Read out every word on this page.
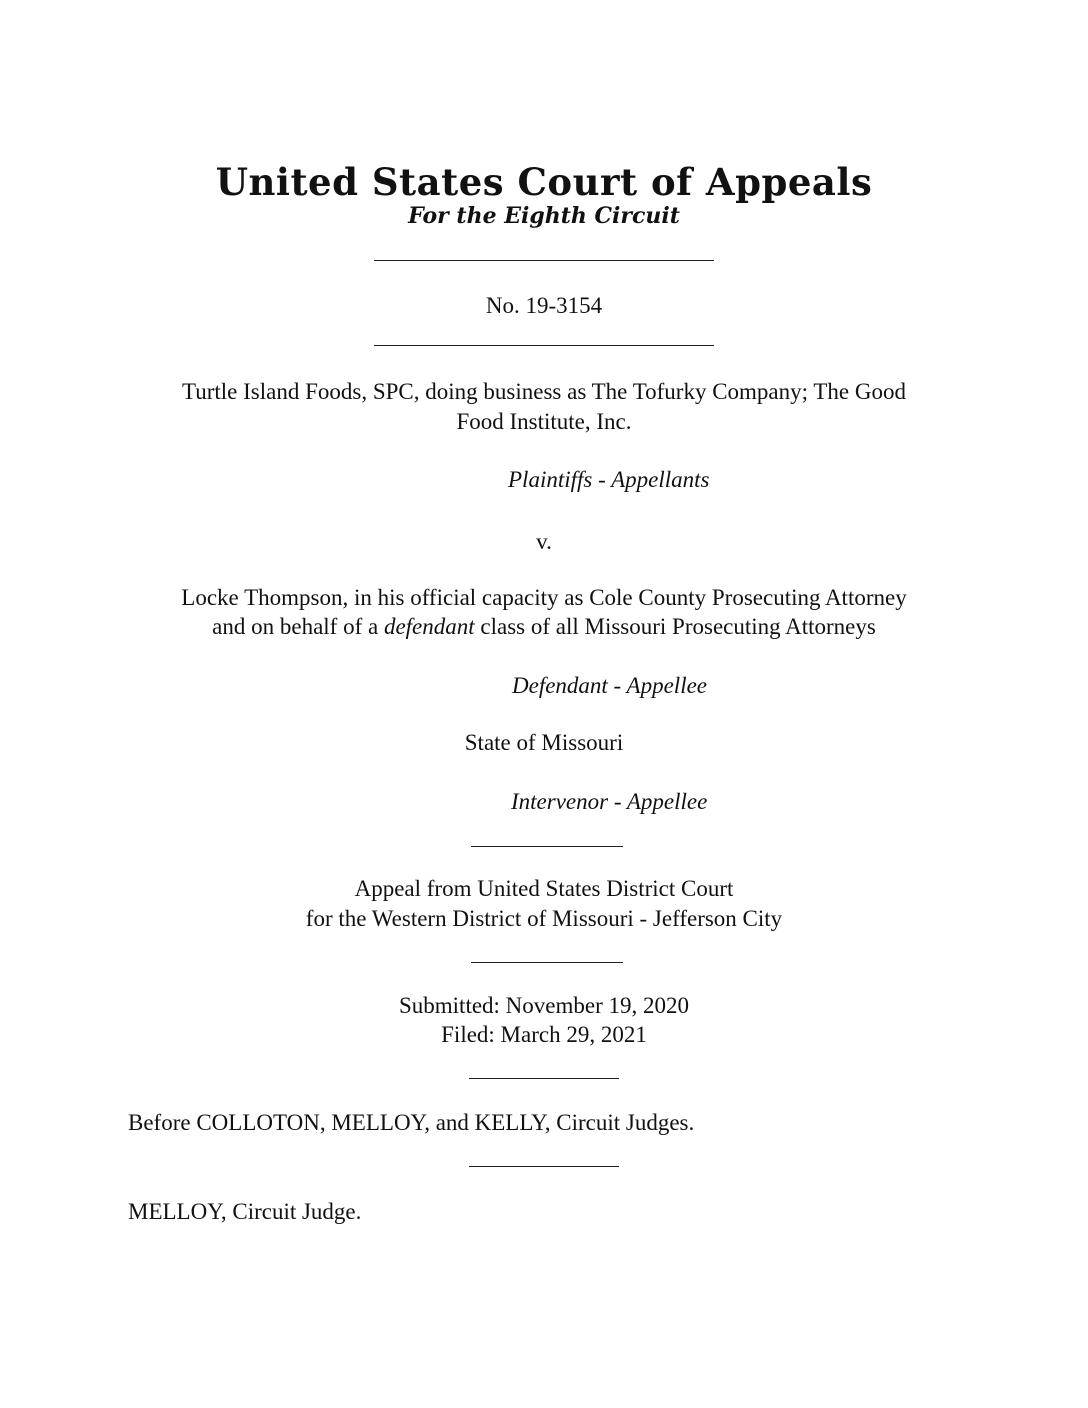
United States Court of Appeals
For the Eighth Circuit
No. 19-3154
Turtle Island Foods, SPC, doing business as The Tofurky Company; The Good
Food Institute, Inc.
Plaintiffs - Appellants
v.
Locke Thompson, in his official capacity as Cole County Prosecuting Attorney
and on behalf of a defendant class of all Missouri Prosecuting Attorneys
Defendant - Appellee
State of Missouri
Intervenor - Appellee
Appeal from United States District Court
for the Western District of Missouri - Jefferson City
Submitted: November 19, 2020
Filed: March 29, 2021
Before COLLOTON, MELLOY, and KELLY, Circuit Judges.
MELLOY, Circuit Judge.
